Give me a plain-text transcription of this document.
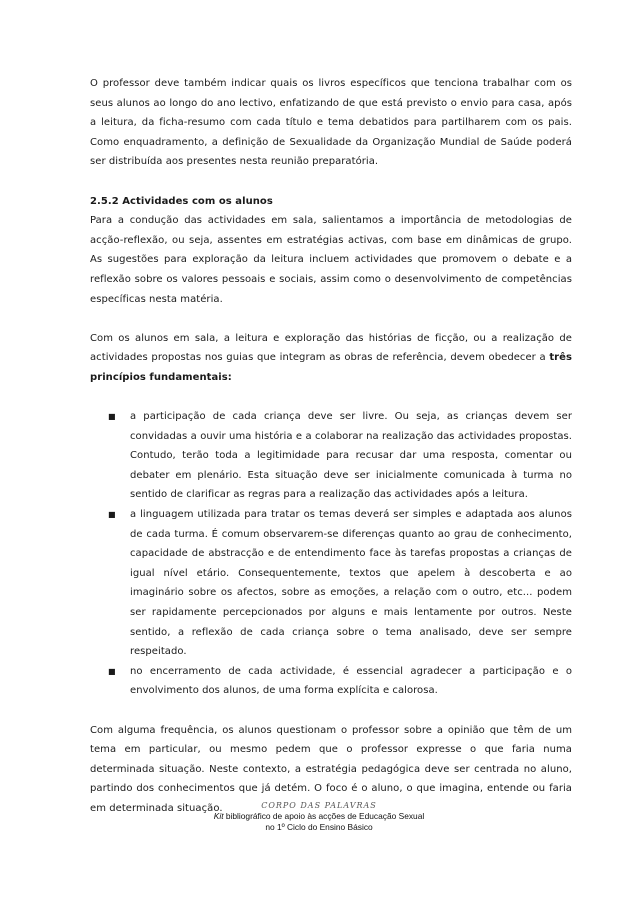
O professor deve também indicar quais os livros específicos que tenciona trabalhar com os seus alunos ao longo do ano lectivo, enfatizando de que está previsto o envio para casa, após a leitura, da ficha-resumo com cada título e tema debatidos para partilharem com os pais. Como enquadramento, a definição de Sexualidade da Organização Mundial de Saúde poderá ser distribuída aos presentes nesta reunião preparatória.

2.5.2 Actividades com os alunos

Para a condução das actividades em sala, salientamos a importância de metodologias de acção-reflexão, ou seja, assentes em estratégias activas, com base em dinâmicas de grupo. As sugestões para exploração da leitura incluem actividades que promovem o debate e a reflexão sobre os valores pessoais e sociais, assim como o desenvolvimento de competências específicas nesta matéria.

Com os alunos em sala, a leitura e exploração das histórias de ficção, ou a realização de actividades propostas nos guias que integram as obras de referência, devem obedecer a três princípios fundamentais:

■ a participação de cada criança deve ser livre. Ou seja, as crianças devem ser convidadas a ouvir uma história e a colaborar na realização das actividades propostas. Contudo, terão toda a legitimidade para recusar dar uma resposta, comentar ou debater em plenário. Esta situação deve ser inicialmente comunicada à turma no sentido de clarificar as regras para a realização das actividades após a leitura.
■ a linguagem utilizada para tratar os temas deverá ser simples e adaptada aos alunos de cada turma. É comum observarem-se diferenças quanto ao grau de conhecimento, capacidade de abstracção e de entendimento face às tarefas propostas a crianças de igual nível etário. Consequentemente, textos que apelem à descoberta e ao imaginário sobre os afectos, sobre as emoções, a relação com o outro, etc... podem ser rapidamente percepcionados por alguns e mais lentamente por outros. Neste sentido, a reflexão de cada criança sobre o tema analisado, deve ser sempre respeitado.
■ no encerramento de cada actividade, é essencial agradecer a participação e o envolvimento dos alunos, de uma forma explícita e calorosa.

Com alguma frequência, os alunos questionam o professor sobre a opinião que têm de um tema em particular, ou mesmo pedem que o professor expresse o que faria numa determinada situação. Neste contexto, a estratégia pedagógica deve ser centrada no aluno, partindo dos conhecimentos que já detém. O foco é o aluno, o que imagina, entende ou faria em determinada situação.	CORPO DAS PALAVRAS
Kit bibliográfico de apoio às acções de Educação Sexual
no 1º Ciclo do Ensino Básico
